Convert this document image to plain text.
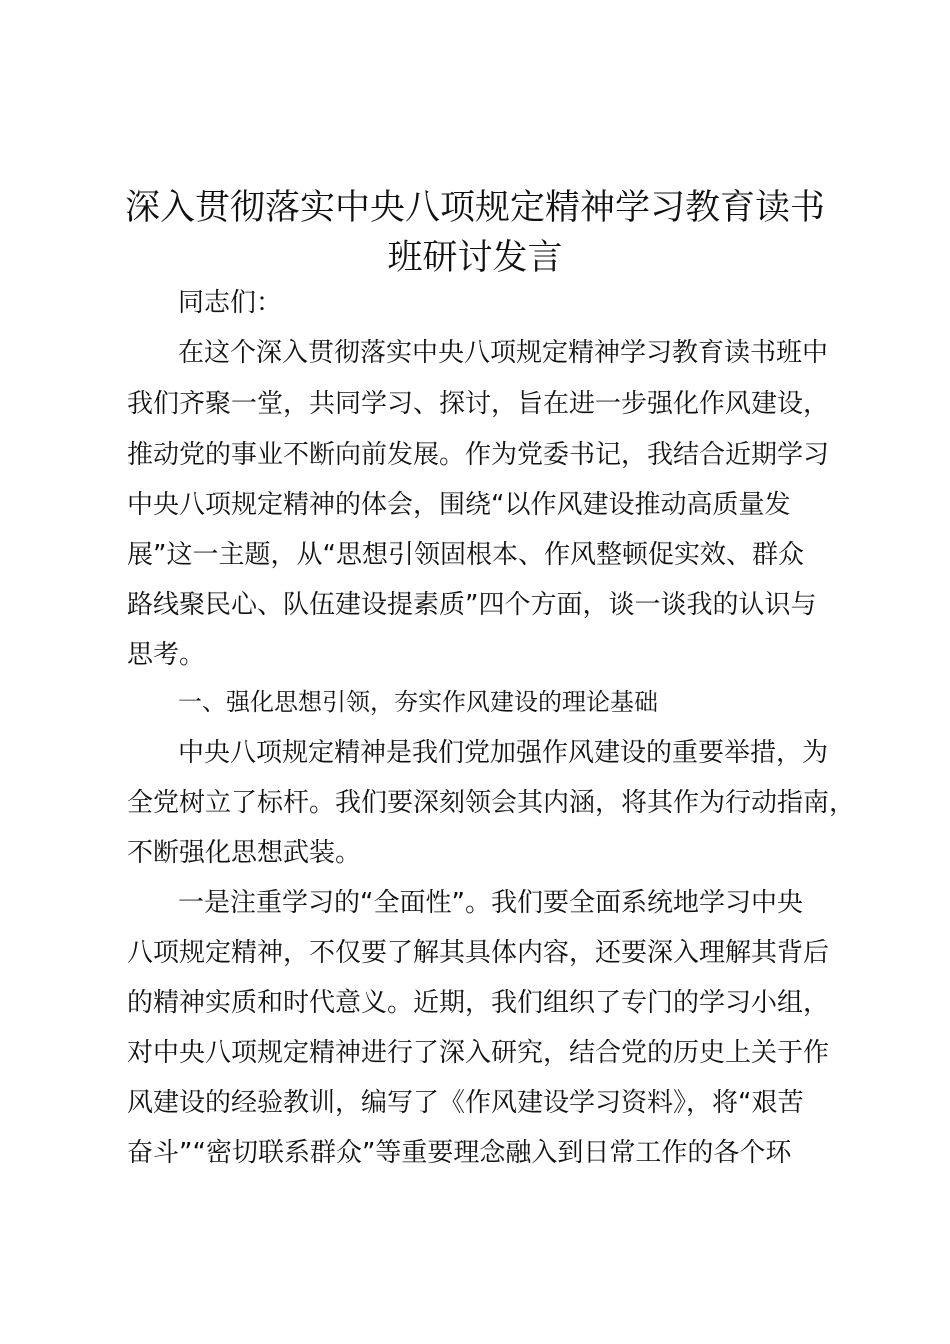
深入贯彻落实中央八项规定精神学习教育读书
班研讨发言

同志们：

在这个深入贯彻落实中央八项规定精神学习教育读书班中

我们齐聚一堂，共同学习、探讨，旨在进一步强化作风建设，

推动党的事业不断向前发展。作为党委书记，我结合近期学习

中央八项规定精神的体会，围绕“以作风建设推动高质量发

展”这一主题，从“思想引领固根本、作风整顿促实效、群众

路线聚民心、队伍建设提素质”四个方面，谈一谈我的认识与

思考。

一、强化思想引领，夯实作风建设的理论基础

中央八项规定精神是我们党加强作风建设的重要举措，为

全党树立了标杆。我们要深刻领会其内涵，将其作为行动指南，

不断强化思想武装。

一是注重学习的“全面性”。我们要全面系统地学习中央

八项规定精神，不仅要了解其具体内容，还要深入理解其背后

的精神实质和时代意义。近期，我们组织了专门的学习小组，

对中央八项规定精神进行了深入研究，结合党的历史上关于作

风建设的经验教训，编写了《作风建设学习资料》，将“艰苦

奋斗”“密切联系群众”等重要理念融入到日常工作的各个环
